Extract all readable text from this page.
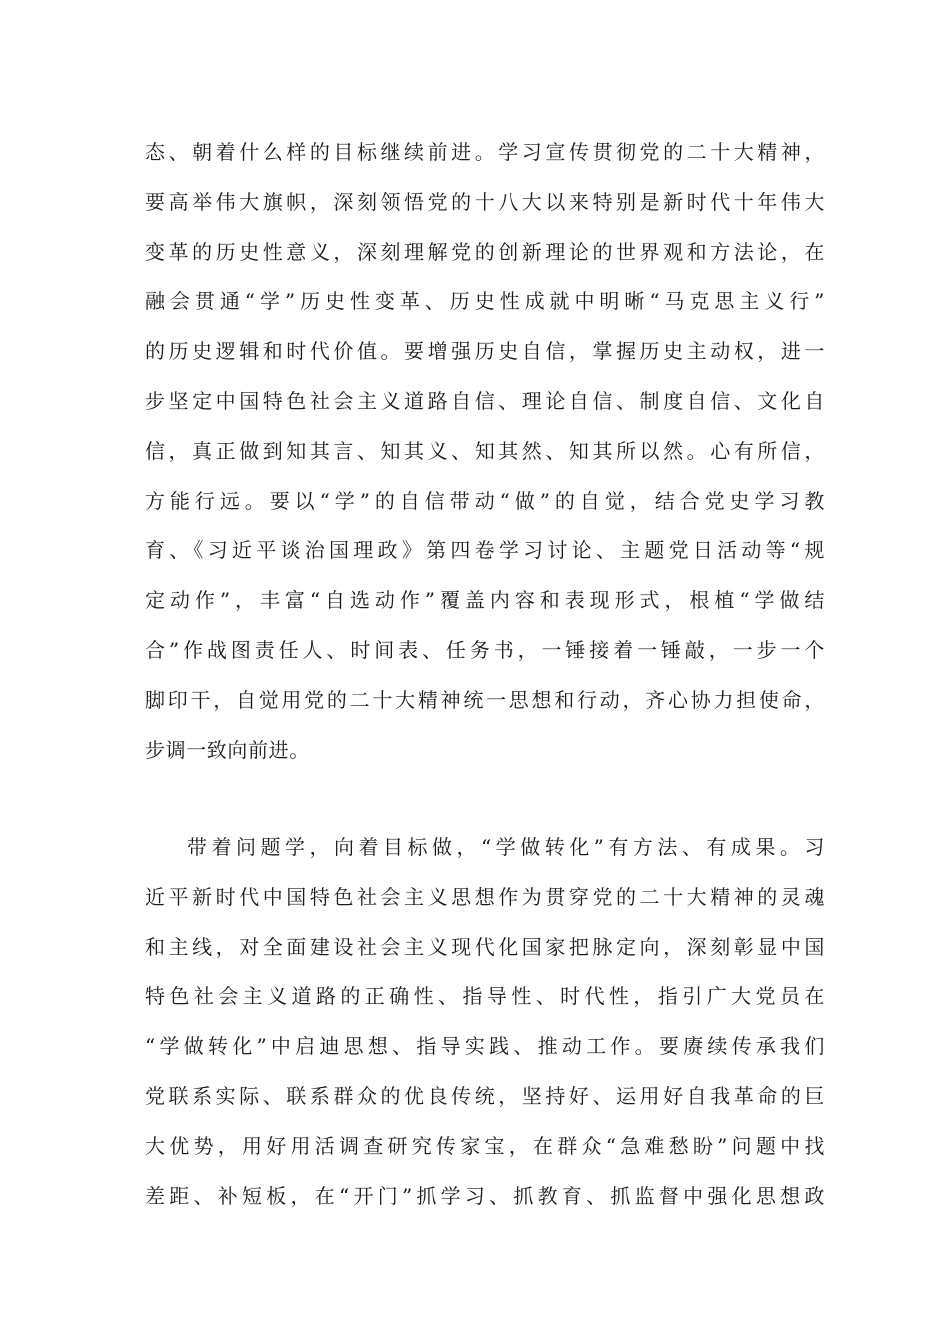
态、朝着什么样的目标继续前进。学习宣传贯彻党的二十大精神，
要高举伟大旗帜，深刻领悟党的十八大以来特别是新时代十年伟大
变革的历史性意义，深刻理解党的创新理论的世界观和方法论，在
融会贯通“学”历史性变革、历史性成就中明晰“马克思主义行”
的历史逻辑和时代价值。要增强历史自信，掌握历史主动权，进一
步坚定中国特色社会主义道路自信、理论自信、制度自信、文化自
信，真正做到知其言、知其义、知其然、知其所以然。心有所信，
方能行远。要以“学”的自信带动“做”的自觉，结合党史学习教
育、《习近平谈治国理政》第四卷学习讨论、主题党日活动等“规
定动作”，丰富“自选动作”覆盖内容和表现形式，根植“学做结
合”作战图责任人、时间表、任务书，一锤接着一锤敲，一步一个
脚印干，自觉用党的二十大精神统一思想和行动，齐心协力担使命，
步调一致向前进。
带着问题学，向着目标做，“学做转化”有方法、有成果。习
近平新时代中国特色社会主义思想作为贯穿党的二十大精神的灵魂
和主线，对全面建设社会主义现代化国家把脉定向，深刻彰显中国
特色社会主义道路的正确性、指导性、时代性，指引广大党员在
“学做转化”中启迪思想、指导实践、推动工作。要赓续传承我们
党联系实际、联系群众的优良传统，坚持好、运用好自我革命的巨
大优势，用好用活调查研究传家宝，在群众“急难愁盼”问题中找
差距、补短板，在“开门”抓学习、抓教育、抓监督中强化思想政
